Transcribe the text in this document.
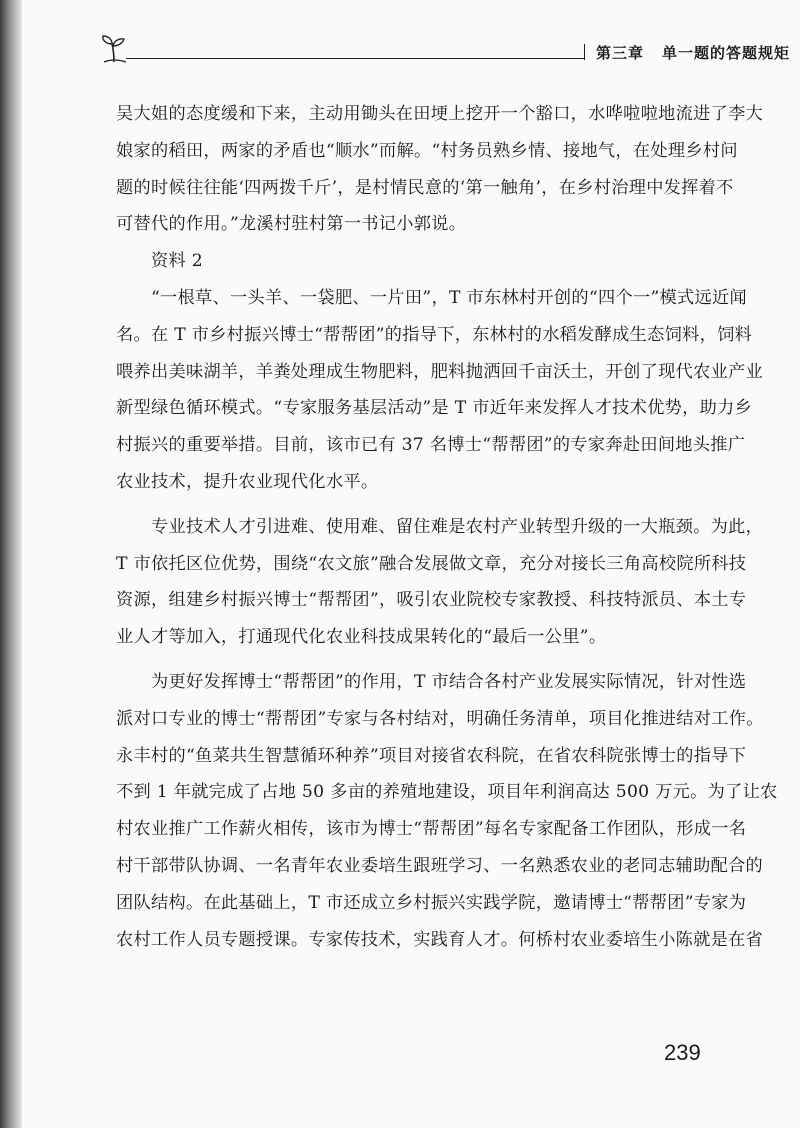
第三章 单一题的答题规矩
吴大姐的态度缓和下来，主动用锄头在田埂上挖开一个豁口，水哗啦啦地流进了李大
娘家的稻田，两家的矛盾也“顺水”而解。“村务员熟乡情、接地气，在处理乡村问
题的时候往往能‘四两拨千斤’，是村情民意的‘第一触角’，在乡村治理中发挥着不
可替代的作用。”龙溪村驻村第一书记小郭说。
　　资料 2
　　“一根草、一头羊、一袋肥、一片田”，T 市东林村开创的“四个一”模式远近闻
名。在 T 市乡村振兴博士“帮帮团”的指导下，东林村的水稻发酵成生态饲料，饲料
喂养出美味湖羊，羊粪处理成生物肥料，肥料抛洒回千亩沃土，开创了现代农业产业
新型绿色循环模式。“专家服务基层活动”是 T 市近年来发挥人才技术优势，助力乡
村振兴的重要举措。目前，该市已有 37 名博士“帮帮团”的专家奔赴田间地头推广
农业技术，提升农业现代化水平。
　　专业技术人才引进难、使用难、留住难是农村产业转型升级的一大瓶颈。为此，
T 市依托区位优势，围绕“农文旅”融合发展做文章，充分对接长三角高校院所科技
资源，组建乡村振兴博士“帮帮团”，吸引农业院校专家教授、科技特派员、本土专
业人才等加入，打通现代化农业科技成果转化的“最后一公里”。
　　为更好发挥博士“帮帮团”的作用，T 市结合各村产业发展实际情况，针对性选
派对口专业的博士“帮帮团”专家与各村结对，明确任务清单，项目化推进结对工作。
永丰村的“鱼菜共生智慧循环种养”项目对接省农科院，在省农科院张博士的指导下
不到 1 年就完成了占地 50 多亩的养殖地建设，项目年利润高达 500 万元。为了让农
村农业推广工作薪火相传，该市为博士“帮帮团”每名专家配备工作团队，形成一名
村干部带队协调、一名青年农业委培生跟班学习、一名熟悉农业的老同志辅助配合的
团队结构。在此基础上，T 市还成立乡村振兴实践学院，邀请博士“帮帮团”专家为
农村工作人员专题授课。专家传技术，实践育人才。何桥村农业委培生小陈就是在省
239
